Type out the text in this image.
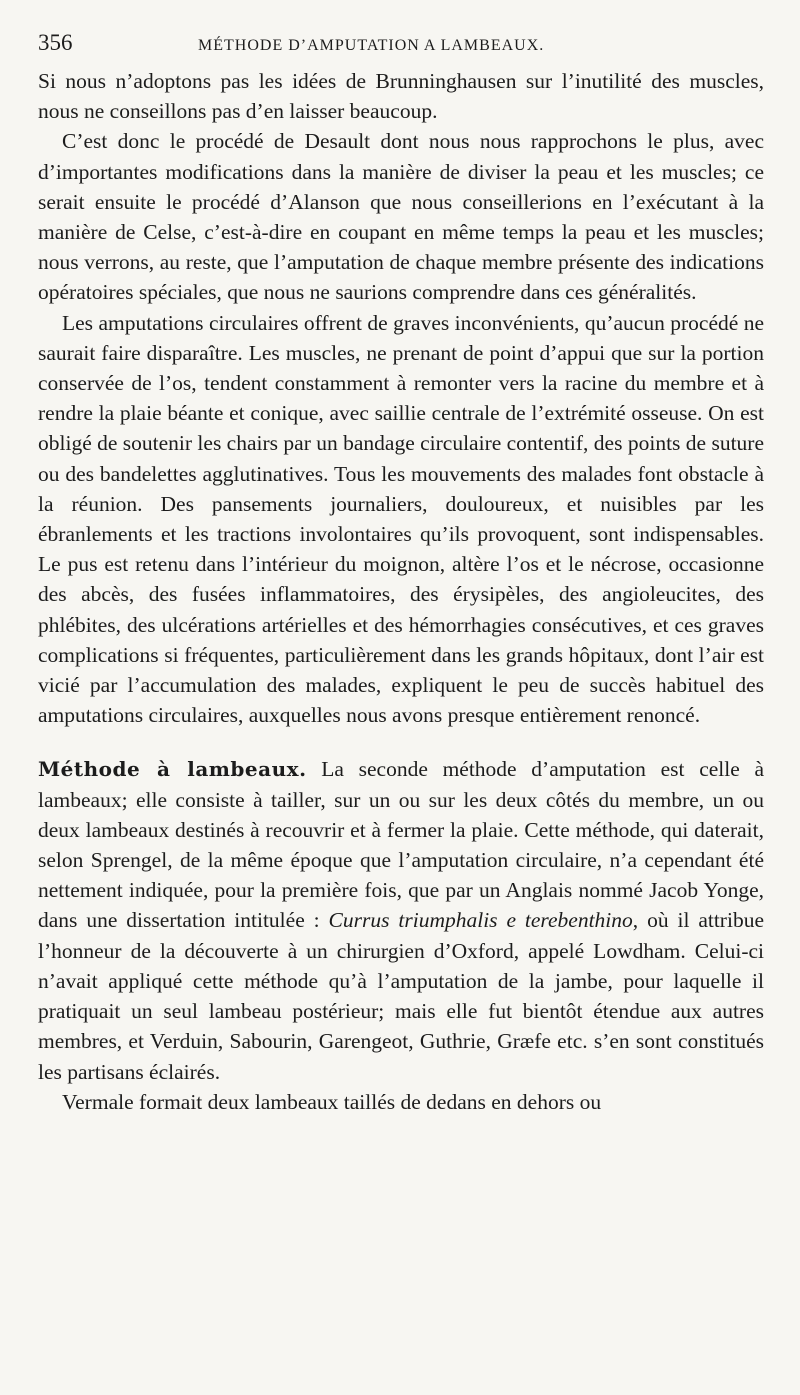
356	MÉTHODE D’AMPUTATION A LAMBEAUX.

Si nous n’adoptons pas les idées de Brunninghausen sur l’inutilité des muscles, nous ne conseillons pas d’en laisser beaucoup.

C’est donc le procédé de Desault dont nous nous rapprochons le plus, avec d’importantes modifications dans la manière de diviser la peau et les muscles; ce serait ensuite le procédé d’Alanson que nous conseillerions en l’exécutant à la manière de Celse, c’est-à-dire en coupant en même temps la peau et les muscles; nous verrons, au reste, que l’amputation de chaque membre présente des indications opératoires spéciales, que nous ne saurions comprendre dans ces généralités.

Les amputations circulaires offrent de graves inconvénients, qu’aucun procédé ne saurait faire disparaître. Les muscles, ne prenant de point d’appui que sur la portion conservée de l’os, tendent constamment à remonter vers la racine du membre et à rendre la plaie béante et conique, avec saillie centrale de l’extrémité osseuse. On est obligé de soutenir les chairs par un bandage circulaire contentif, des points de suture ou des bandelettes agglutinatives. Tous les mouvements des malades font obstacle à la réunion. Des pansements journaliers, douloureux, et nuisibles par les ébranlements et les tractions involontaires qu’ils provoquent, sont indispensables. Le pus est retenu dans l’intérieur du moignon, altère l’os et le nécrose, occasionne des abcès, des fusées inflammatoires, des érysipèles, des angioleucites, des phlébites, des ulcérations artérielles et des hémorrhagies consécutives, et ces graves complications si fréquentes, particulièrement dans les grands hôpitaux, dont l’air est vicié par l’accumulation des malades, expliquent le peu de succès habituel des amputations circulaires, auxquelles nous avons presque entièrement renoncé.

Méthode à lambeaux. La seconde méthode d’amputation est celle à lambeaux; elle consiste à tailler, sur un ou sur les deux côtés du membre, un ou deux lambeaux destinés à recouvrir et à fermer la plaie. Cette méthode, qui daterait, selon Sprengel, de la même époque que l’amputation circulaire, n’a cependant été nettement indiquée, pour la première fois, que par un Anglais nommé Jacob Yonge, dans une dissertation intitulée : Currus triumphalis e terebenthino, où il attribue l’honneur de la découverte à un chirurgien d’Oxford, appelé Lowdham. Celui-ci n’avait appliqué cette méthode qu’à l’amputation de la jambe, pour laquelle il pratiquait un seul lambeau postérieur; mais elle fut bientôt étendue aux autres membres, et Verduin, Sabourin, Garengeot, Guthrie, Græfe etc. s’en sont constitués les partisans éclairés.

Vermale formait deux lambeaux taillés de dedans en dehors ou
